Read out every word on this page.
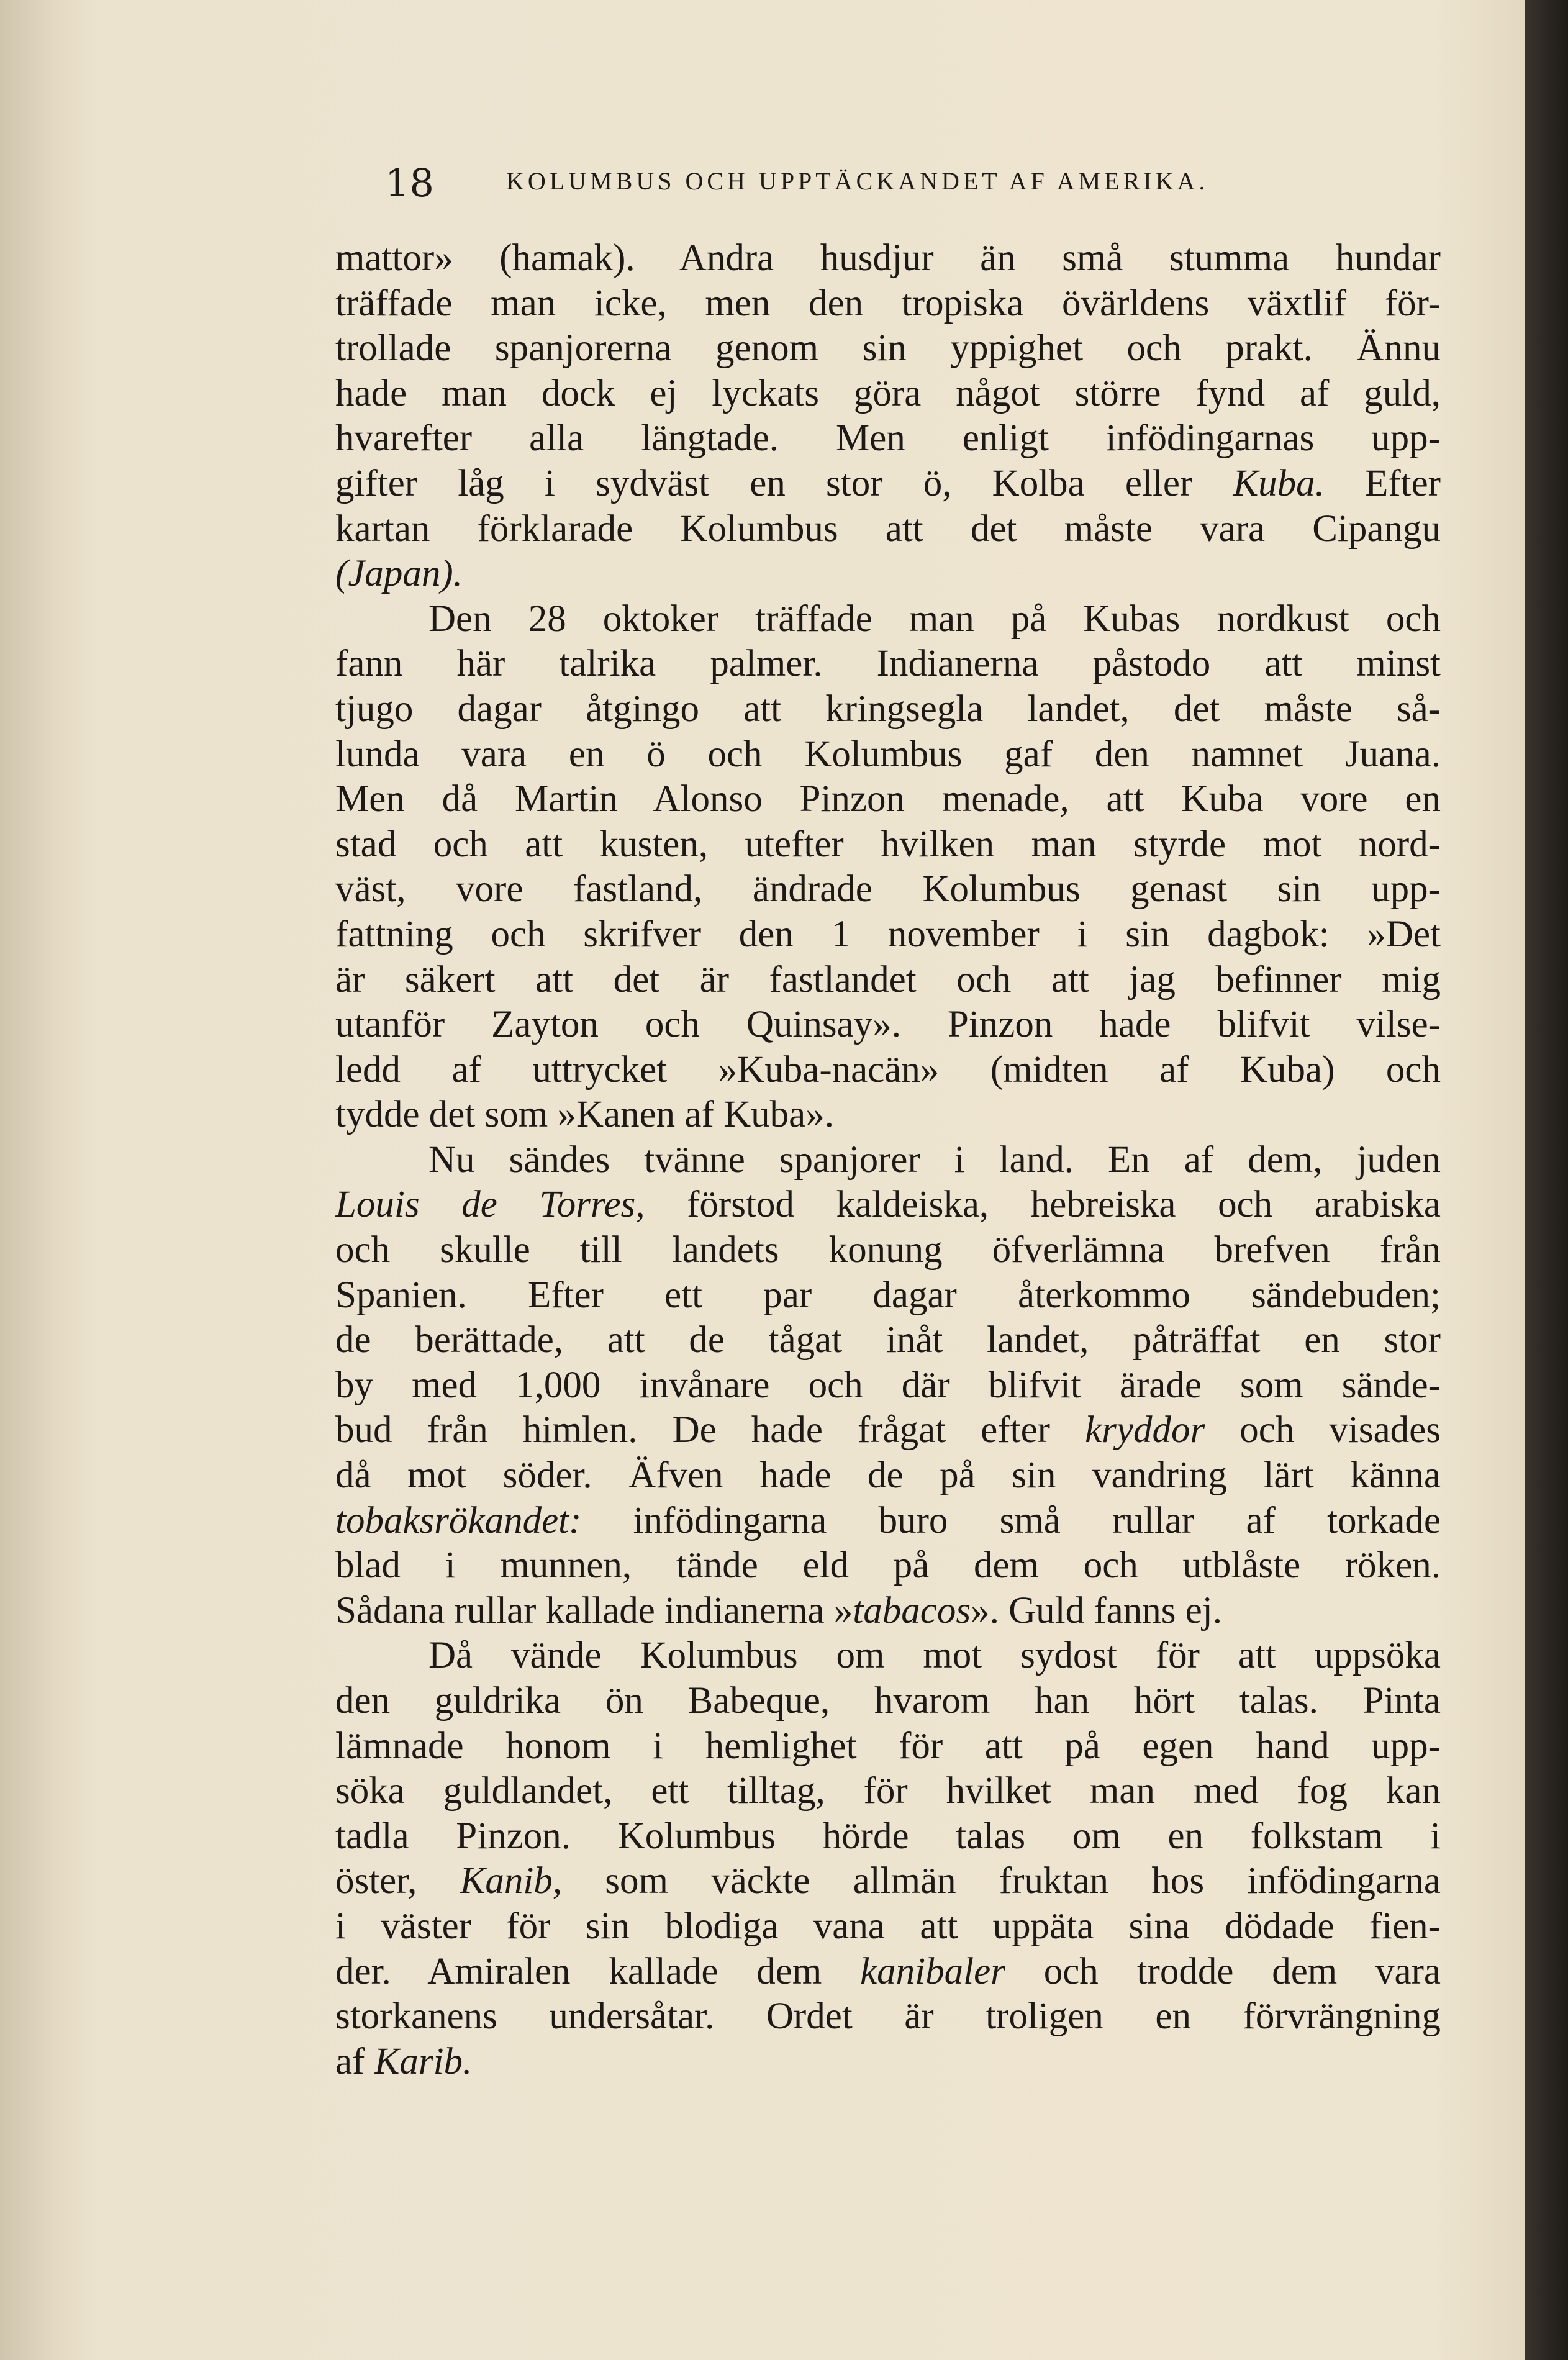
18	KOLUMBUS OCH UPPTÄCKANDET AF AMERIKA.
mattor» (hamak). Andra husdjur än små stumma hundar
träffade man icke, men den tropiska övärldens växtlif för-
trollade spanjorerna genom sin yppighet och prakt. Ännu
hade man dock ej lyckats göra något större fynd af guld,
hvarefter alla längtade. Men enligt infödingarnas upp-
gifter låg i sydväst en stor ö, Kolba eller Kuba. Efter
kartan förklarade Kolumbus att det måste vara Cipangu
(Japan).
Den 28 oktoker träffade man på Kubas nordkust och
fann här talrika palmer. Indianerna påstodo att minst
tjugo dagar åtgingo att kringsegla landet, det måste så-
lunda vara en ö och Kolumbus gaf den namnet Juana.
Men då Martin Alonso Pinzon menade, att Kuba vore en
stad och att kusten, utefter hvilken man styrde mot nord-
väst, vore fastland, ändrade Kolumbus genast sin upp-
fattning och skrifver den 1 november i sin dagbok: »Det
är säkert att det är fastlandet och att jag befinner mig
utanför Zayton och Quinsay». Pinzon hade blifvit vilse-
ledd af uttrycket »Kuba-nacän» (midten af Kuba) och
tydde det som »Kanen af Kuba».
Nu sändes tvänne spanjorer i land. En af dem, juden
Louis de Torres, förstod kaldeiska, hebreiska och arabiska
och skulle till landets konung öfverlämna brefven från
Spanien. Efter ett par dagar återkommo sändebuden;
de berättade, att de tågat inåt landet, påträffat en stor
by med 1,000 invånare och där blifvit ärade som sände-
bud från himlen. De hade frågat efter kryddor och visades
då mot söder. Äfven hade de på sin vandring lärt känna
tobaksrökandet: infödingarna buro små rullar af torkade
blad i munnen, tände eld på dem och utblåste röken.
Sådana rullar kallade indianerna »tabacos». Guld fanns ej.
Då vände Kolumbus om mot sydost för att uppsöka
den guldrika ön Babeque, hvarom han hört talas. Pinta
lämnade honom i hemlighet för att på egen hand upp-
söka guldlandet, ett tilltag, för hvilket man med fog kan
tadla Pinzon. Kolumbus hörde talas om en folkstam i
öster, Kanib, som väckte allmän fruktan hos infödingarna
i väster för sin blodiga vana att uppäta sina dödade fien-
der. Amiralen kallade dem kanibaler och trodde dem vara
storkanens undersåtar. Ordet är troligen en förvrängning
af Karib.
